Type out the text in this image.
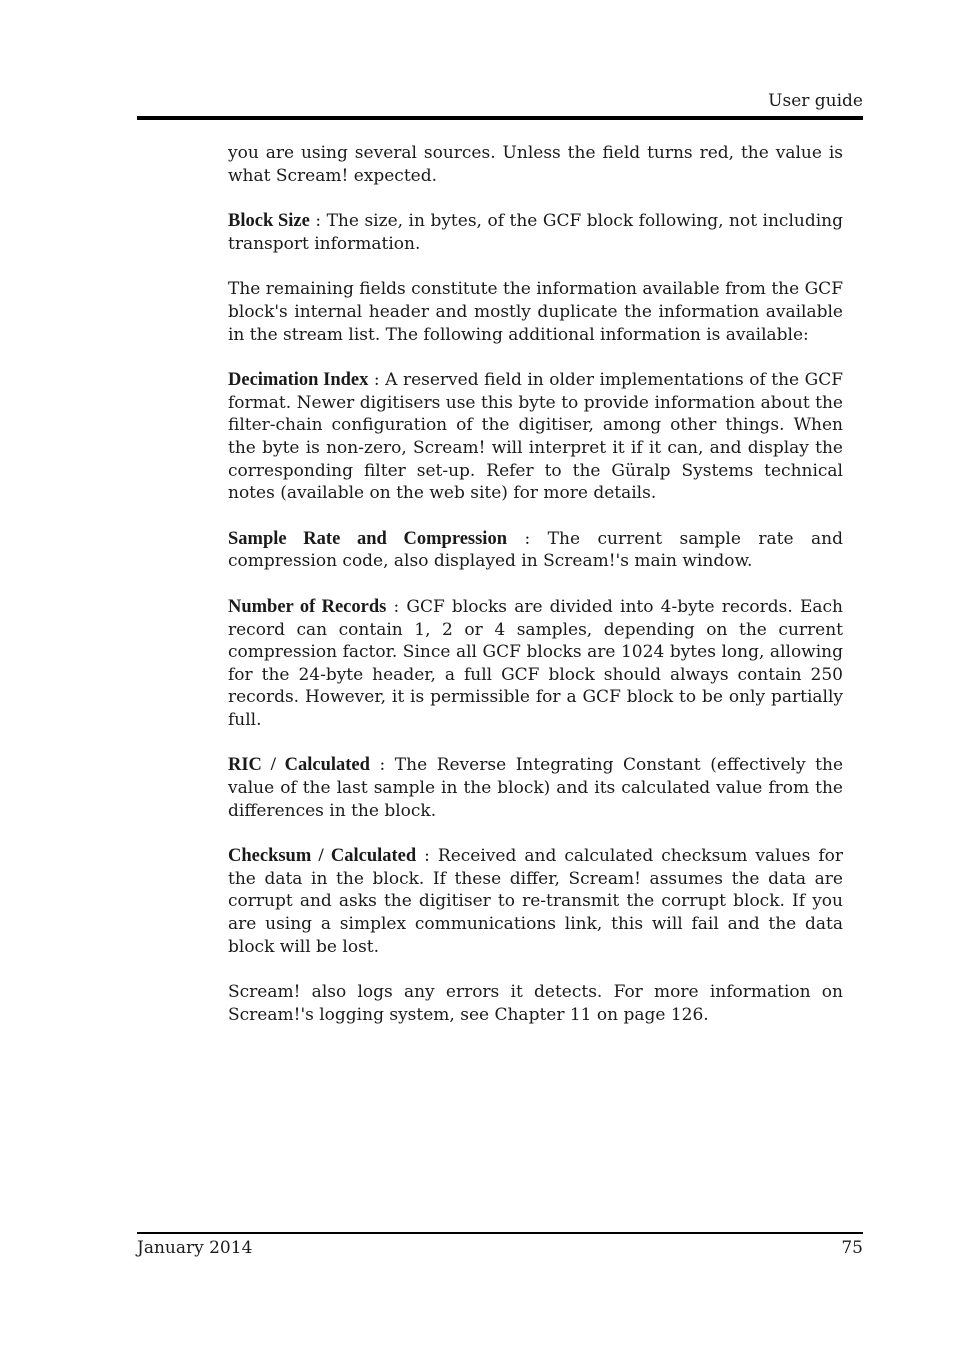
User guide

you are using several sources. Unless the field turns red, the value is what Scream! expected.

Block Size : The size, in bytes, of the GCF block following, not including transport information.

The remaining fields constitute the information available from the GCF block's internal header and mostly duplicate the information available in the stream list. The following additional information is available:

Decimation Index : A reserved field in older implementations of the GCF format. Newer digitisers use this byte to provide information about the filter-chain configuration of the digitiser, among other things. When the byte is non-zero, Scream! will interpret it if it can, and display the corresponding filter set-up. Refer to the Güralp Systems technical notes (available on the web site) for more details.

Sample Rate and Compression : The current sample rate and compression code, also displayed in Scream!'s main window.

Number of Records : GCF blocks are divided into 4-byte records. Each record can contain 1, 2 or 4 samples, depending on the current compression factor. Since all GCF blocks are 1024 bytes long, allowing for the 24-byte header, a full GCF block should always contain 250 records. However, it is permissible for a GCF block to be only partially full.

RIC / Calculated : The Reverse Integrating Constant (effectively the value of the last sample in the block) and its calculated value from the differences in the block.

Checksum / Calculated : Received and calculated checksum values for the data in the block. If these differ, Scream! assumes the data are corrupt and asks the digitiser to re-transmit the corrupt block. If you are using a simplex communications link, this will fail and the data block will be lost.

Scream! also logs any errors it detects. For more information on Scream!'s logging system, see Chapter 11 on page 126.

January 2014	75
